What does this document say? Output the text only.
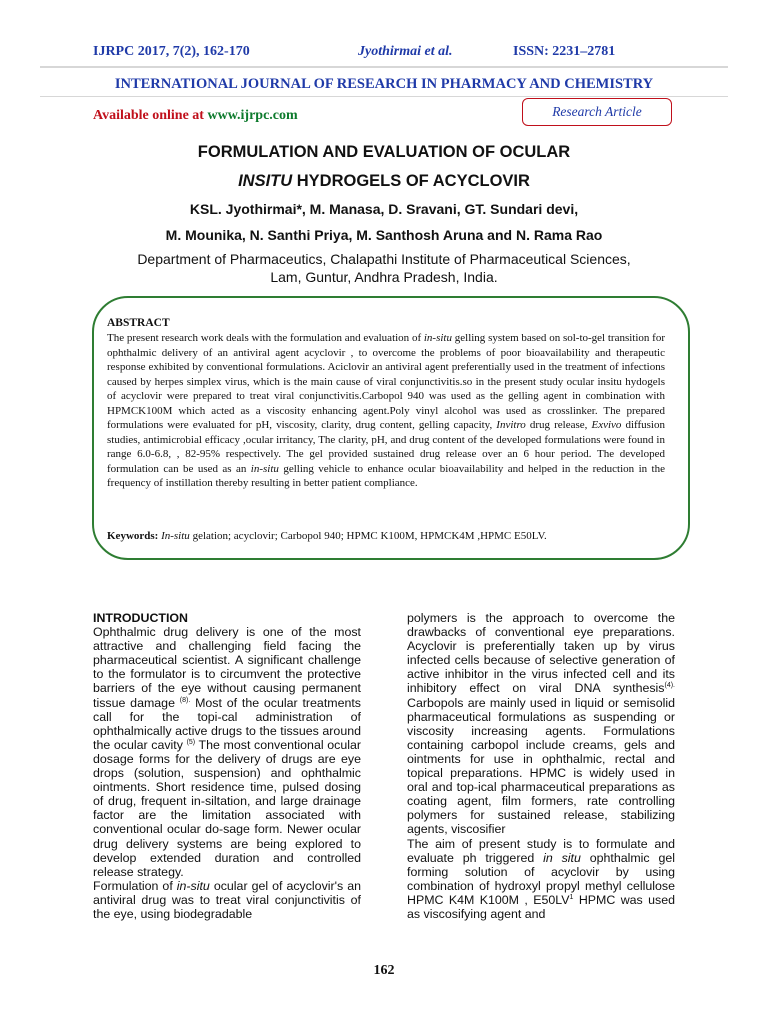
IJRPC 2017, 7(2), 162-170	Jyothirmai et al.	ISSN: 2231–2781
INTERNATIONAL JOURNAL OF RESEARCH IN PHARMACY AND CHEMISTRY
Available online at www.ijrpc.com	Research Article
FORMULATION AND EVALUATION OF OCULAR
INSITU HYDROGELS OF ACYCLOVIR
KSL. Jyothirmai*, M. Manasa, D. Sravani, GT. Sundari devi,
M. Mounika, N. Santhi Priya, M. Santhosh Aruna and N. Rama Rao
Department of Pharmaceutics, Chalapathi Institute of Pharmaceutical Sciences,
Lam, Guntur, Andhra Pradesh, India.
ABSTRACT
The present research work deals with the formulation and evaluation of in-situ gelling system based on sol-to-gel transition for ophthalmic delivery of an antiviral agent acyclovir , to overcome the problems of poor bioavailability and therapeutic response exhibited by conventional formulations. Aciclovir an antiviral agent preferentially used in the treatment of infections caused by herpes simplex virus, which is the main cause of viral conjunctivitis.so in the present study ocular insitu hydogels of acyclovir were prepared to treat viral conjunctivitis.Carbopol 940 was used as the gelling agent in combination with HPMCK100M which acted as a viscosity enhancing agent.Poly vinyl alcohol was used as crosslinker. The prepared formulations were evaluated for pH, viscosity, clarity, drug content, gelling capacity, Invitro drug release, Exvivo diffusion studies, antimicrobial efficacy ,ocular irritancy, The clarity, pH, and drug content of the developed formulations were found in range 6.0-6.8, , 82-95% respectively. The gel provided sustained drug release over an 6 hour period. The developed formulation can be used as an in-situ gelling vehicle to enhance ocular bioavailability and helped in the reduction in the frequency of instillation thereby resulting in better patient compliance.
Keywords: In-situ gelation; acyclovir; Carbopol 940; HPMC K100M, HPMCK4M ,HPMC E50LV.
INTRODUCTION

Ophthalmic drug delivery is one of the most attractive and challenging field facing the pharmaceutical scientist. A significant challenge to the formulator is to circumvent the protective barriers of the eye without causing permanent tissue damage $^{(8).}$ Most of the ocular treatments call for the topi-cal administration of ophthalmically active drugs to the tissues around the ocular cavity $^{(5)}$ The most conventional ocular dosage forms for the delivery of drugs are eye drops (solution, suspension) and ophthalmic ointments. Short residence time, pulsed dosing of drug, frequent in-siltation, and large drainage factor are the limitation associated with conventional ocular do-sage form. Newer ocular drug delivery systems are being explored to develop extended duration and controlled release strategy.

Formulation of in-situ ocular gel of acyclovir's an antiviral drug was to treat viral conjunctivitis of the eye, using biodegradable

polymers is the approach to overcome the drawbacks of conventional eye preparations. Acyclovir is preferentially taken up by virus infected cells because of selective generation of active inhibitor in the virus infected cell and its inhibitory effect on viral DNA synthesis$^{(4).}$ Carbopols are mainly used in liquid or semisolid pharmaceutical formulations as suspending or viscosity increasing agents. Formulations containing carbopol include creams, gels and ointments for use in ophthalmic, rectal and topical preparations. HPMC is widely used in oral and top-ical pharmaceutical preparations as coating agent, film formers, rate controlling polymers for sustained release, stabilizing agents, viscosifier

The aim of present study is to formulate and evaluate ph triggered in situ ophthalmic gel forming solution of acyclovir by using combination of hydroxyl propyl methyl cellulose HPMC K4M K100M , $E50LV^1$ HPMC was used as viscosifying agent and

162
